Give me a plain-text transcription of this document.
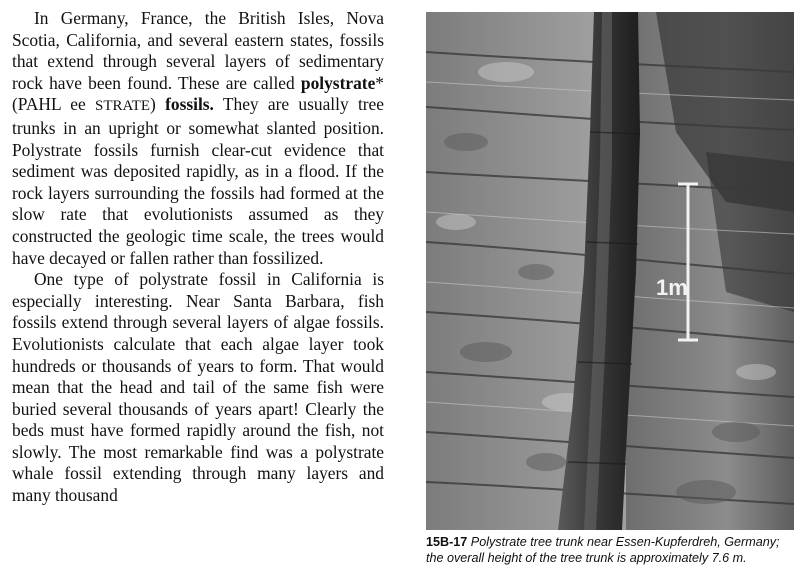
In Germany, France, the British Isles, Nova Scotia, California, and several eastern states, fossils that extend through several layers of sedimentary rock have been found. These are called polystrate* (PAHL ee STRATE) fossils. They are usually tree trunks in an upright or somewhat slanted position. Polystrate fossils furnish clear-cut evidence that sediment was deposited rapidly, as in a flood. If the rock layers surrounding the fossils had formed at the slow rate that evolutionists assumed as they constructed the geologic time scale, the trees would have decayed or fallen rather than fossilized.

One type of polystrate fossil in California is especially interesting. Near Santa Barbara, fish fossils extend through several layers of algae fossils. Evolutionists calculate that each algae layer took hundreds or thousands of years to form. That would mean that the head and tail of the same fish were buried several thousands of years apart! Clearly the beds must have formed rapidly around the fish, not slowly. The most remarkable find was a polystrate whale fossil extending through many layers and many thousand

1m
15B-17 Polystrate tree trunk near Essen-Kupferdreh, Germany; the overall height of the tree trunk is approximately 7.6 m.
